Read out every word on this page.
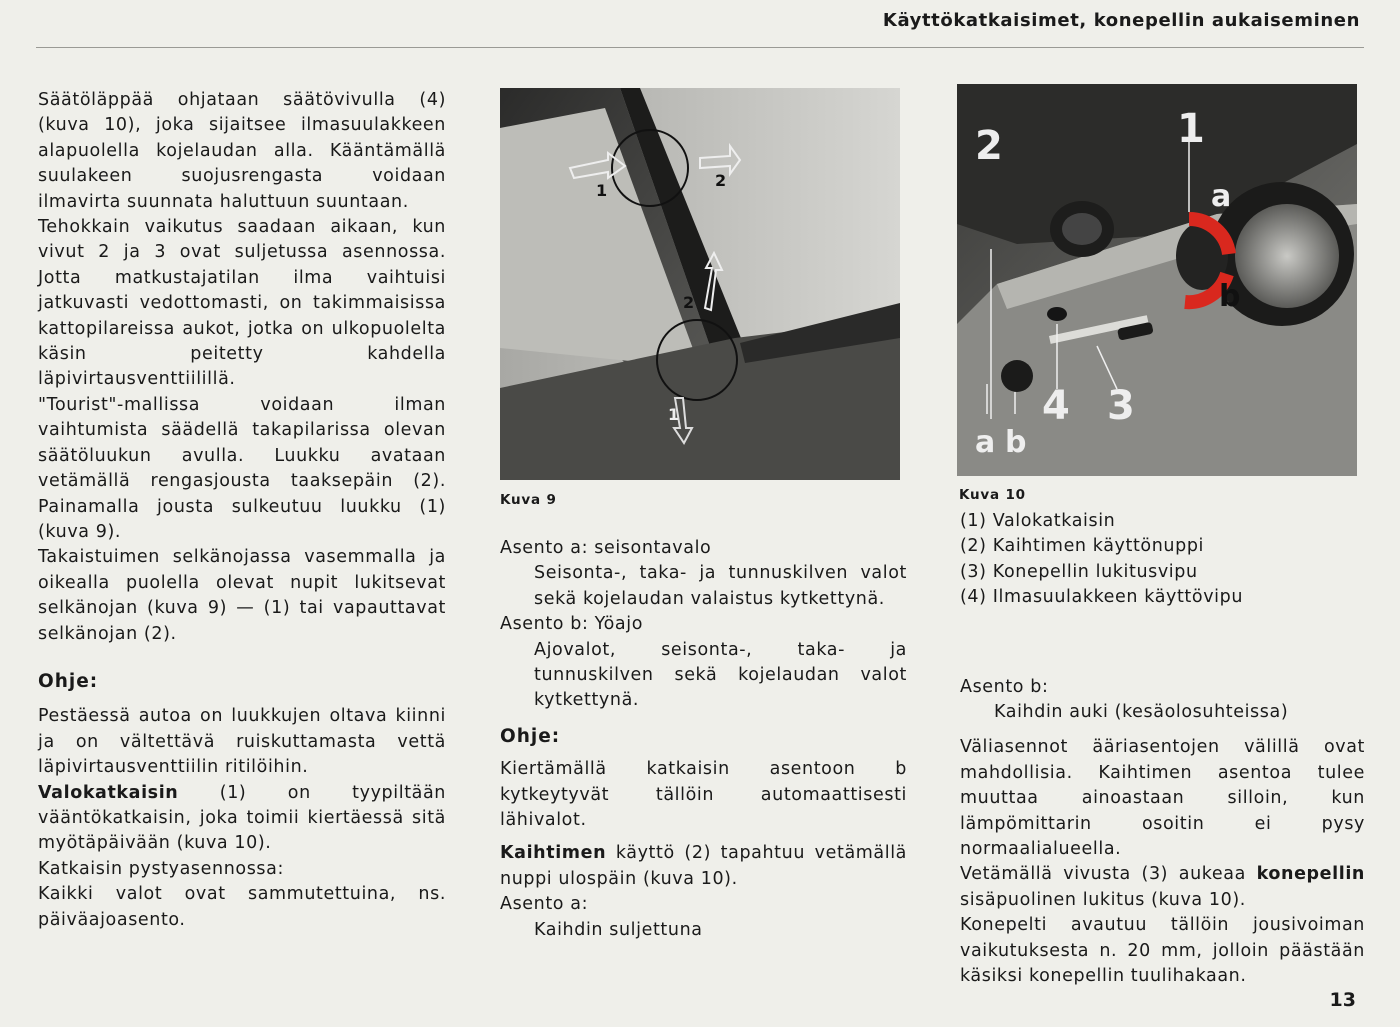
Käyttökatkaisimet, konepellin aukaiseminen

Säätöläppää ohjataan säätövivulla (4) (kuva 10), joka sijaitsee ilmasuulakkeen alapuolella kojelaudan alla. Kääntämällä suulakeen suojusrengasta voidaan ilmavirta suunnata haluttuun suuntaan.

Tehokkain vaikutus saadaan aikaan, kun vivut 2 ja 3 ovat suljetussa asennossa. Jotta matkustajatilan ilma vaihtuisi jatkuvasti vedottomasti, on takimmaisissa kattopilareissa aukot, jotka on ulkopuolelta käsin peitetty kahdella läpivirtausventtiilillä.

"Tourist"-mallissa voidaan ilman vaihtumista säädellä takapilarissa olevan säätöluukun avulla. Luukku avataan vetämällä rengasjousta taaksepäin (2). Painamalla jousta sulkeutuu luukku (1) (kuva 9).

Takaistuimen selkänojassa vasemmalla ja oikealla puolella olevat nupit lukitsevat selkänojan (kuva 9) — (1) tai vapauttavat selkänojan (2).

Ohje:

Pestäessä autoa on luukkujen oltava kiinni ja on vältettävä ruiskuttamasta vettä läpivirtausventtiilin ritilöihin.

Valokatkaisin (1) on tyypiltään vääntökatkaisin, joka toimii kiertäessä sitä myötäpäivään (kuva 10).

Katkaisin pystyasennossa:

Kaikki valot ovat sammutettuina, ns. päiväajoasento.

1
2
2
1
Kuva 9

Asento a: seisontavalo

Seisonta-, taka- ja tunnuskilven valot sekä kojelaudan valaistus kytkettynä.

Asento b: Yöajo

Ajovalot, seisonta-, taka- ja tunnuskilven sekä kojelaudan valot kytkettynä.

Ohje:

Kiertämällä katkaisin asentoon b kytkeytyvät tällöin automaattisesti lähivalot.

Kaihtimen käyttö (2) tapahtuu vetämällä nuppi ulospäin (kuva 10).

Asento a:

Kaihdin suljettuna

2	1
a
b
4 3
a b
Kuva 10

(1) Valokatkaisin

(2) Kaihtimen käyttönuppi

(3) Konepellin lukitusvipu

(4) Ilmasuulakkeen käyttövipu

Asento b:

Kaihdin auki (kesäolosuhteissa)

Väliasennot ääriasentojen välillä ovat mahdollisia. Kaihtimen asentoa tulee muuttaa ainoastaan silloin, kun lämpömittarin osoitin ei pysy normaalialueella.

Vetämällä vivusta (3) aukeaa konepellin sisäpuolinen lukitus (kuva 10).

Konepelti avautuu tällöin jousivoiman vaikutuksesta n. 20 mm, jolloin päästään käsiksi konepellin tuulihakaan.

13
